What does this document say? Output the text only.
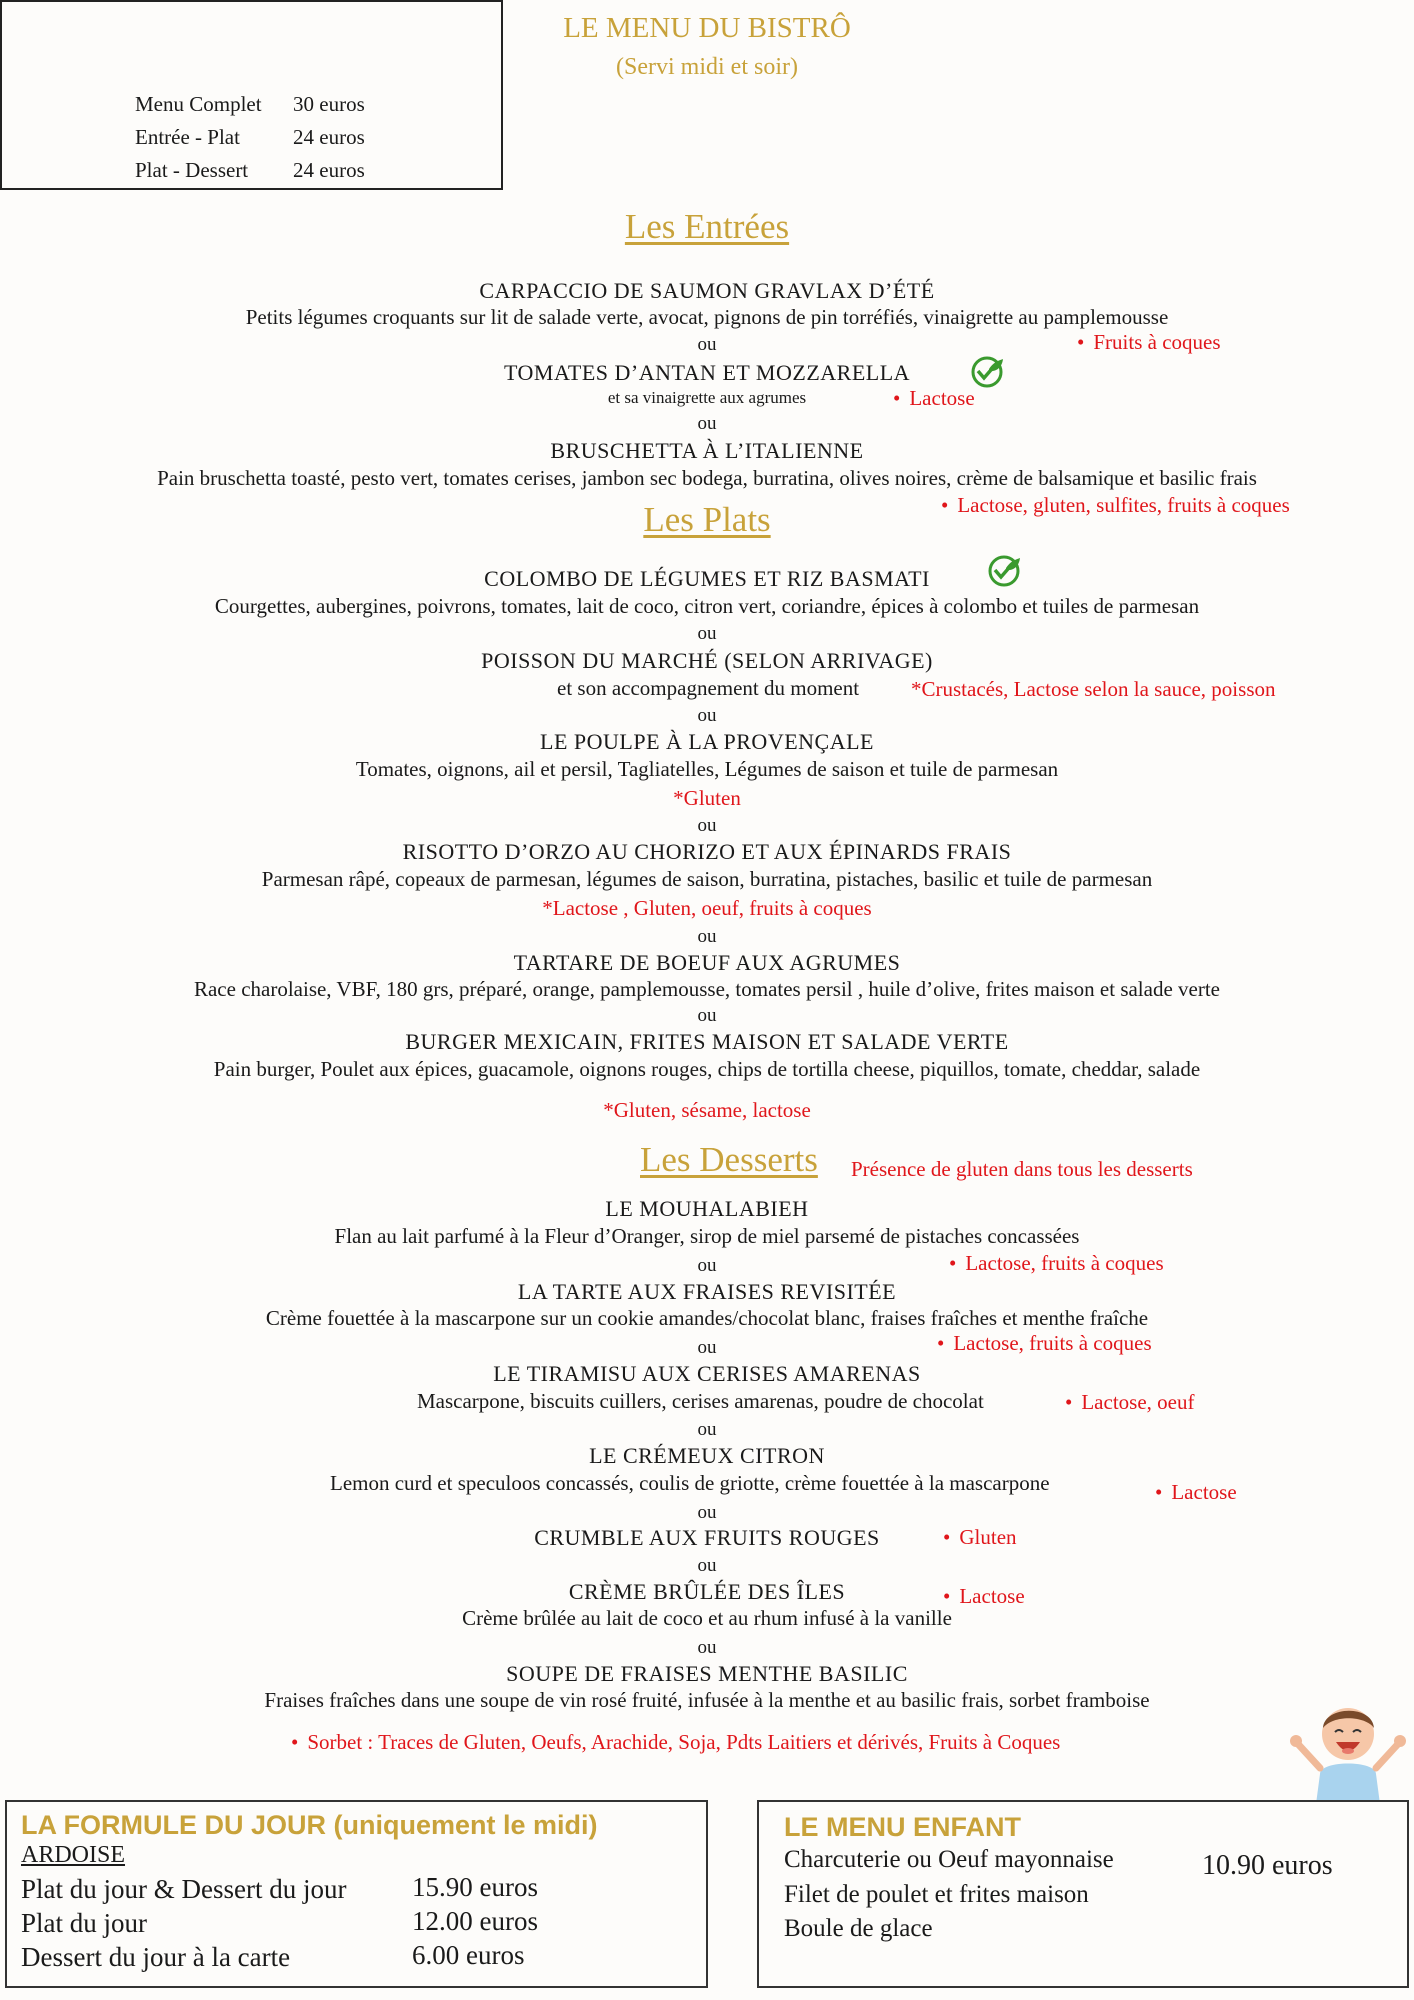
LE MENU DU BISTRÔ
(Servi midi et soir)
Menu Complet 30 euros
Entrée - Plat	24 euros
Plat - Dessert 24 euros
Les Entrées
CARPACCIO DE SAUMON GRAVLAX D’ÉTÉ
Petits légumes croquants sur lit de salade verte, avocat, pignons de pin torréfiés, vinaigrette au pamplemousse
• Fruits à coques
ou
TOMATES D’ANTAN ET MOZZARELLA
et sa vinaigrette aux agrumes	• Lactose
ou
BRUSCHETTA À L’ITALIENNE
Pain bruschetta toasté, pesto vert, tomates cerises, jambon sec bodega, burratina, olives noires, crème de balsamique et basilic frais
• Lactose, gluten, sulfites, fruits à coques
Les Plats
COLOMBO DE LÉGUMES ET RIZ BASMATI
Courgettes, aubergines, poivrons, tomates, lait de coco, citron vert, coriandre, épices à colombo et tuiles de parmesan
ou
POISSON DU MARCHÉ (SELON ARRIVAGE)
et son accompagnement du moment *Crustacés, Lactose selon la sauce, poisson
ou
LE POULPE À LA PROVENÇALE
Tomates, oignons, ail et persil, Tagliatelles, Légumes de saison et tuile de parmesan
*Gluten
ou
RISOTTO D’ORZO AU CHORIZO ET AUX ÉPINARDS FRAIS
Parmesan râpé, copeaux de parmesan, légumes de saison, burratina, pistaches, basilic et tuile de parmesan
*Lactose , Gluten, oeuf, fruits à coques
ou
TARTARE DE BOEUF AUX AGRUMES
Race charolaise, VBF, 180 grs, préparé, orange, pamplemousse, tomates persil , huile d’olive, frites maison et salade verte
ou
BURGER MEXICAIN, FRITES MAISON ET SALADE VERTE
Pain burger, Poulet aux épices, guacamole, oignons rouges, chips de tortilla cheese, piquillos, tomate, cheddar, salade
*Gluten, sésame, lactose
Les Desserts Présence de gluten dans tous les desserts
LE MOUHALABIEH
Flan au lait parfumé à la Fleur d’Oranger, sirop de miel parsemé de pistaches concassées
• Lactose, fruits à coques
ou
LA TARTE AUX FRAISES REVISITÉE
Crème fouettée à la mascarpone sur un cookie amandes/chocolat blanc, fraises fraîches et menthe fraîche
• Lactose, fruits à coques
ou
LE TIRAMISU AUX CERISES AMARENAS
Mascarpone, biscuits cuillers, cerises amarenas, poudre de chocolat	• Lactose, oeuf
ou
LE CRÉMEUX CITRON
Lemon curd et speculoos concassés, coulis de griotte, crème fouettée à la mascarpone	• Lactose
ou
CRUMBLE AUX FRUITS ROUGES	• Gluten
ou
CRÈME BRÛLÉE DES ÎLES	• Lactose
Crème brûlée au lait de coco et au rhum infusé à la vanille
ou
SOUPE DE FRAISES MENTHE BASILIC
Fraises fraîches dans une soupe de vin rosé fruité, infusée à la menthe et au basilic frais, sorbet framboise
• Sorbet : Traces de Gluten, Oeufs, Arachide, Soja, Pdts Laitiers et dérivés, Fruits à Coques
LA FORMULE DU JOUR (uniquement le midi)
ARDOISE
Plat du jour & Dessert du jour 15.90 euros
Plat du jour	12.00 euros
Dessert du jour à la carte	6.00 euros
LE MENU ENFANT
Charcuterie ou Oeuf mayonnaise
Filet de poulet et frites maison
Boule de glace
10.90 euros
